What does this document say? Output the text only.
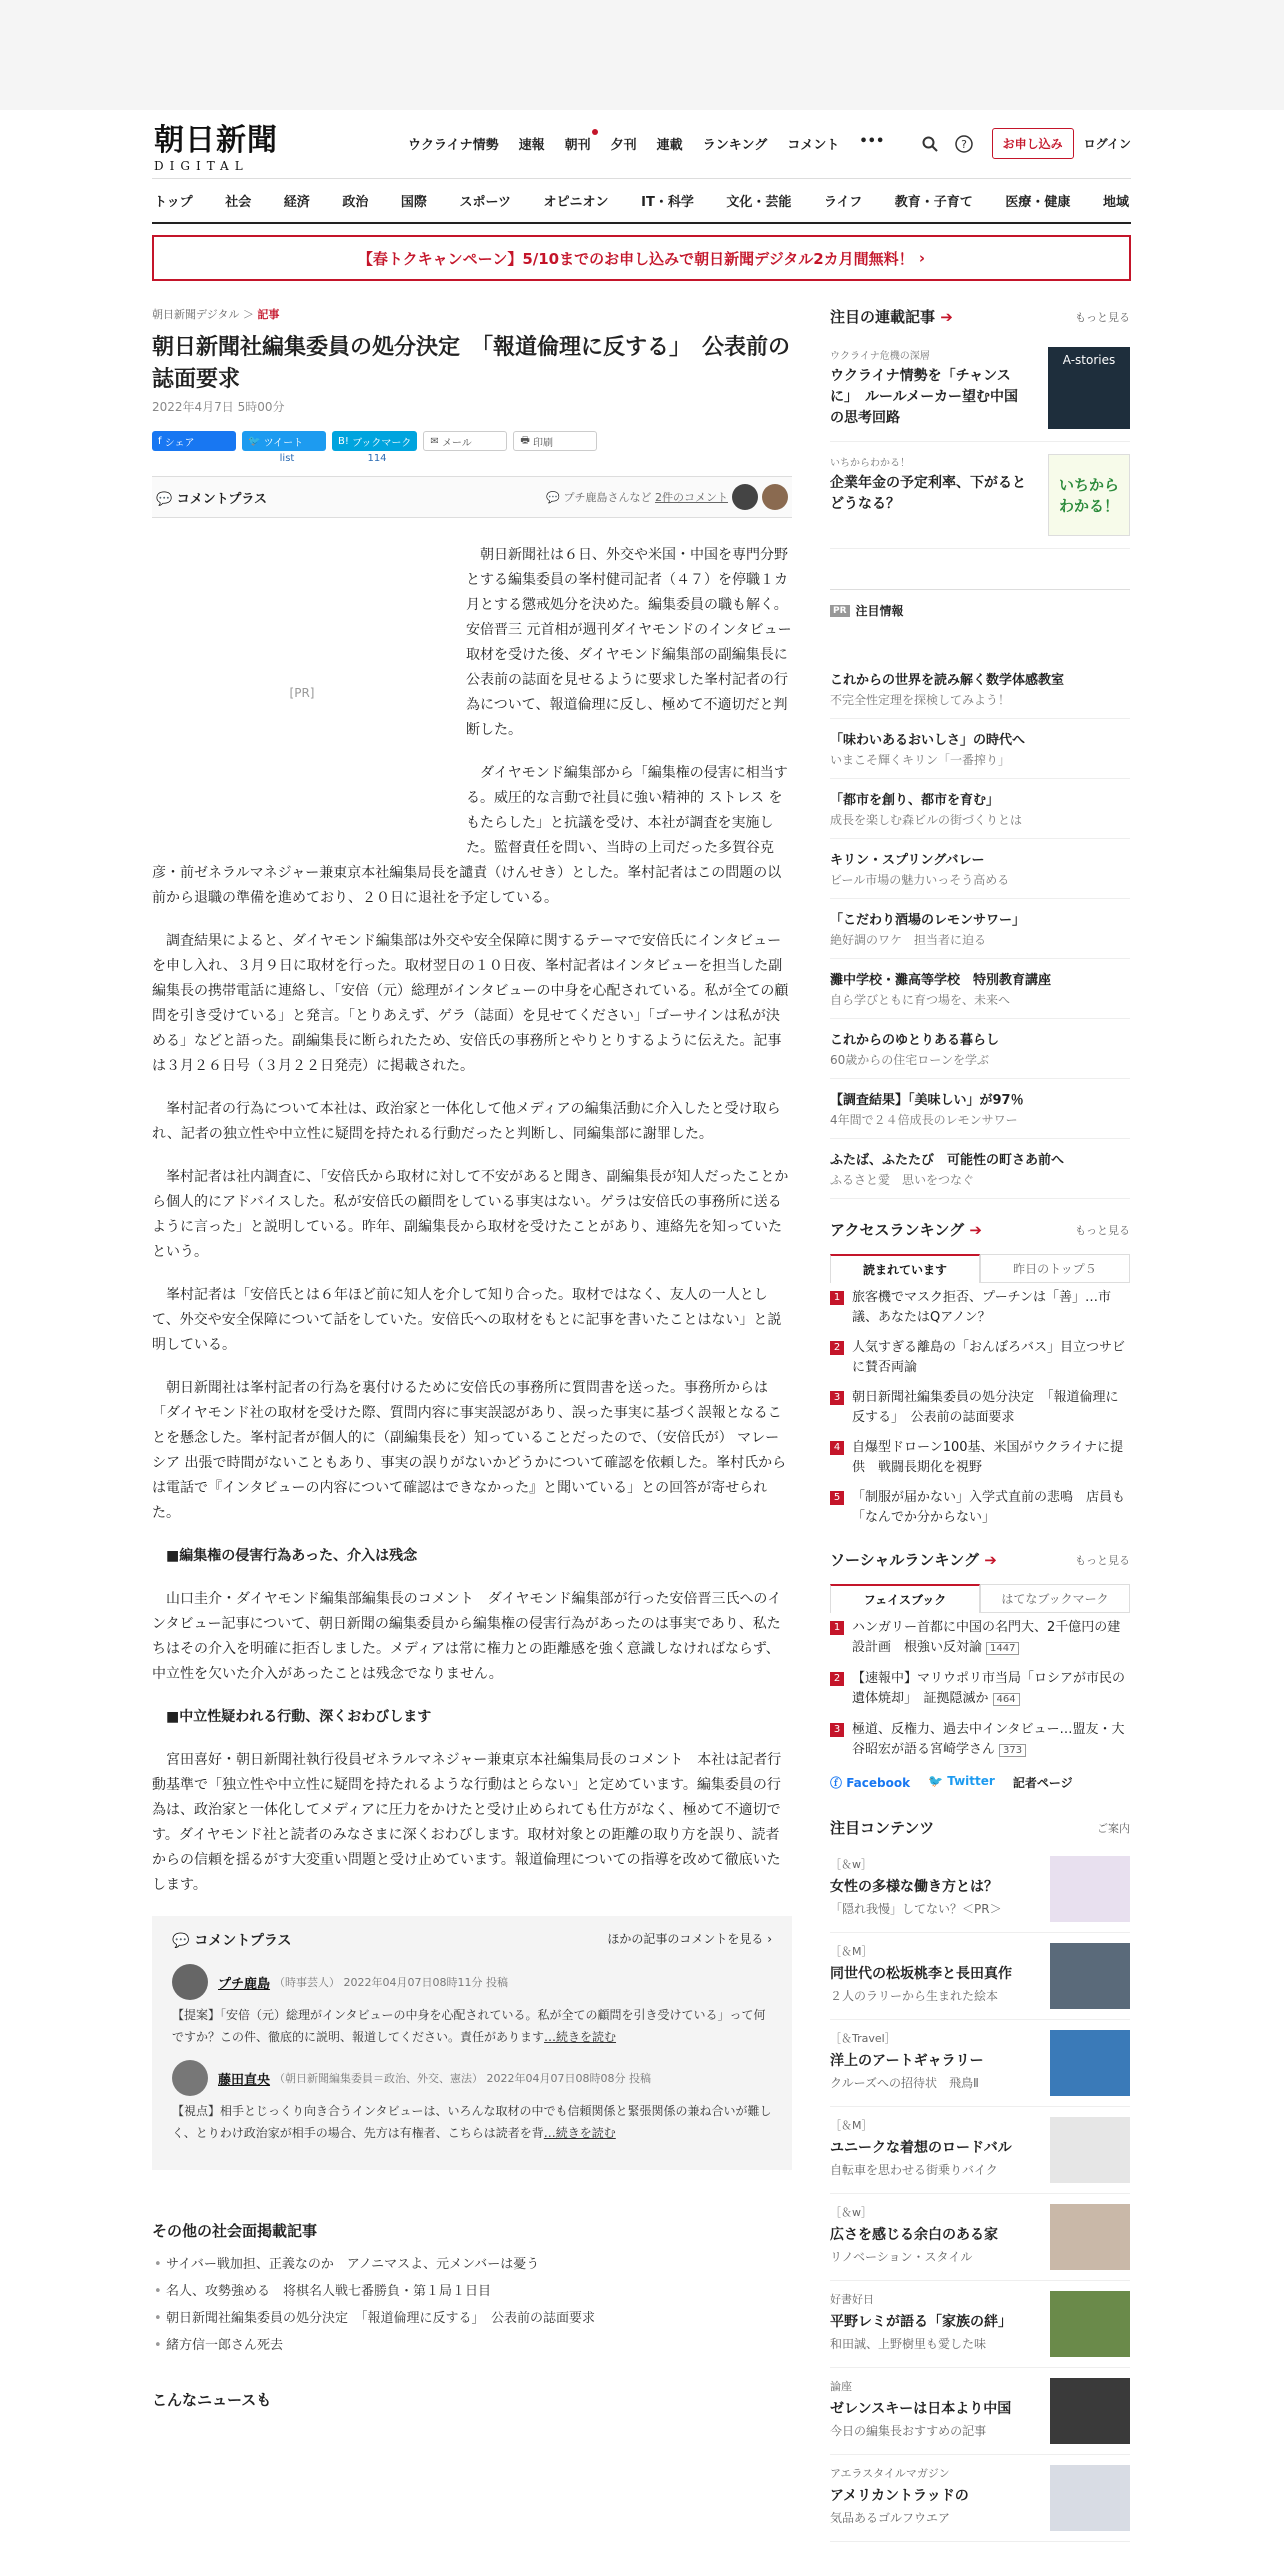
朝日新聞
DIGITAL
ウクライナ情勢 速報 朝刊 夕刊 連載 ランキング コメント •••	?	お申し込み	ログイン
トップ	社会	経済	政治	国際	スポーツ	オピニオン	IT・科学	文化・芸能	ライフ	教育・子育て	医療・健康	地域
【春トクキャンペーン】5/10までのお申し込みで朝日新聞デジタル2カ月間無料！
›
朝日新聞デジタル ＞ 記事
朝日新聞社編集委員の処分決定　「報道倫理に反する」　公表前の誌面要求
2022年4月7日 5時00分
f シェア	🐦 ツイート	B! ブックマーク	✉ メール	🖶 印刷
list	114
💬 コメントプラス	💬 プチ鹿島さんなど
2件のコメント
[PR]

朝日新聞社は６日、外交や米国・中国を専門分野とする編集委員の峯村健司記者（４７）を停職１カ月とする懲戒処分を決めた。編集委員の職も解く。 安倍晋三 元首相が週刊ダイヤモンドのインタビュー取材を受けた後、ダイヤモンド編集部の副編集長に公表前の誌面を見せるように要求した峯村記者の行為について、報道倫理に反し、極めて不適切だと判断した。

ダイヤモンド編集部から「編集権の侵害に相当する。威圧的な言動で社員に強い精神的 ストレス をもたらした」と抗議を受け、本社が調査を実施した。監督責任を問い、当時の上司だった多賀谷克彦・前ゼネラルマネジャー兼東京本社編集局長を譴責（けんせき）とした。峯村記者はこの問題の以前から退職の準備を進めており、２０日に退社を予定している。

調査結果によると、ダイヤモンド編集部は外交や安全保障に関するテーマで安倍氏にインタビューを申し入れ、３月９日に取材を行った。取材翌日の１０日夜、峯村記者はインタビューを担当した副編集長の携帯電話に連絡し、「安倍（元）総理がインタビューの中身を心配されている。私が全ての顧問を引き受けている」と発言。「とりあえず、ゲラ（誌面）を見せてください」「ゴーサインは私が決める」などと語った。副編集長に断られたため、安倍氏の事務所とやりとりするように伝えた。記事は３月２６日号（３月２２日発売）に掲載された。

峯村記者の行為について本社は、政治家と一体化して他メディアの編集活動に介入したと受け取られ、記者の独立性や中立性に疑問を持たれる行動だったと判断し、同編集部に謝罪した。

峯村記者は社内調査に、「安倍氏から取材に対して不安があると聞き、副編集長が知人だったことから個人的にアドバイスした。私が安倍氏の顧問をしている事実はない。ゲラは安倍氏の事務所に送るように言った」と説明している。昨年、副編集長から取材を受けたことがあり、連絡先を知っていたという。

峯村記者は「安倍氏とは６年ほど前に知人を介して知り合った。取材ではなく、友人の一人として、外交や安全保障について話をしていた。安倍氏への取材をもとに記事を書いたことはない」と説明している。

朝日新聞社は峯村記者の行為を裏付けるために安倍氏の事務所に質問書を送った。事務所からは「ダイヤモンド社の取材を受けた際、質問内容に事実誤認があり、誤った事実に基づく誤報となることを懸念した。峯村記者が個人的に（副編集長を）知っていることだったので、（安倍氏が） マレーシア 出張で時間がないこともあり、事実の誤りがないかどうかについて確認を依頼した。峯村氏からは電話で『インタビューの内容について確認はできなかった』と聞いている」との回答が寄せられた。

■編集権の侵害行為あった、介入は残念

山口圭介・ダイヤモンド編集部編集長のコメント　ダイヤモンド編集部が行った安倍晋三氏へのインタビュー記事について、朝日新聞の編集委員から編集権の侵害行為があったのは事実であり、私たちはその介入を明確に拒否しました。メディアは常に権力との距離感を強く意識しなければならず、中立性を欠いた介入があったことは残念でなりません。

■中立性疑われる行動、深くおわびします

宮田喜好・朝日新聞社執行役員ゼネラルマネジャー兼東京本社編集局長のコメント　本社は記者行動基準で「独立性や中立性に疑問を持たれるような行動はとらない」と定めています。編集委員の行為は、政治家と一体化してメディアに圧力をかけたと受け止められても仕方がなく、極めて不適切です。ダイヤモンド社と読者のみなさまに深くおわびします。取材対象との距離の取り方を誤り、読者からの信頼を揺るがす大変重い問題と受け止めています。報道倫理についての指導を改めて徹底いたします。

💬 コメントプラス	ほかの記事のコメントを見る ›
プチ鹿島 （時事芸人）
2022年04月07日08時11分 投稿
【提案】「安倍（元）総理がインタビューの中身を心配されている。私が全ての顧問を引き受けている」って何ですか？この件、徹底的に説明、報道してください。責任があります…続きを読む
藤田直央 （朝日新聞編集委員＝政治、外交、憲法）
2022年04月07日08時08分 投稿
【視点】相手とじっくり向き合うインタビューは、いろんな取材の中でも信頼関係と緊張関係の兼ね合いが難しく、とりわけ政治家が相手の場合、先方は有権者、こちらは読者を背…続きを読む
その他の社会面掲載記事
• サイバー戦加担、正義なのか　アノニマスよ、元メンバーは憂う
• 名人、攻勢強める　将棋名人戦七番勝負・第１局１日目
• 朝日新聞社編集委員の処分決定　「報道倫理に反する」　公表前の誌面要求
• 緒方信一郎さん死去
こんなニュースも
注目の連載記事 ➔	もっと見る
ウクライナ危機の深層
ウクライナ情勢を「チャンスに」　ルールメーカー望む中国の思考回路
A-stories
いちからわかる！
企業年金の予定利率、下がるとどうなる？
いちから わかる！
PR 注目情報
これからの世界を読み解く数学体感教室
不完全性定理を探検してみよう！
「味わいあるおいしさ」の時代へ
いまこそ輝くキリン「一番搾り」
「都市を創り、都市を育む」
成長を楽しむ森ビルの街づくりとは
キリン・スプリングバレー
ビール市場の魅力いっそう高める
「こだわり酒場のレモンサワー」
絶好調のワケ　担当者に迫る
灘中学校・灘高等学校　特別教育講座
自ら学びともに育つ場を、未来へ
これからのゆとりある暮らし
60歳からの住宅ローンを学ぶ
【調査結果】「美味しい」が97％
4年間で２４倍成長のレモンサワー
ふたば、ふたたび　可能性の町さあ前へ
ふるさと愛　思いをつなぐ
アクセスランキング ➔	もっと見る
読まれています	昨日のトップ５
1 旅客機でマスク拒否、プーチンは「善」…市議、あなたはQアノン？
2 人気すぎる離島の「おんぼろバス」目立つサビに賛否両論
3 朝日新聞社編集委員の処分決定　「報道倫理に反する」　公表前の誌面要求
4 自爆型ドローン100基、米国がウクライナに提供　戦闘長期化を視野
5 「制服が届かない」入学式直前の悲鳴　店員も「なんでか分からない」
ソーシャルランキング ➔	もっと見る
フェイスブック	はてなブックマーク
1 ハンガリー首都に中国の名門大、2千億円の建設計画　根強い反対論 1447
2 【速報中】マリウポリ市当局「ロシアが市民の遺体焼却」　証拠隠滅か 464
3 極道、反権力、過去中インタビュー…盟友・大谷昭宏が語る宮崎学さん 373
ⓕ Facebook 🐦 Twitter 記者ページ
注目コンテンツ	ご案内
［＆w］
女性の多様な働き方とは？
「隠れ我慢」してない？＜PR＞
［＆M］
同世代の松坂桃李と長田真作
２人のラリーから生まれた絵本
［＆Travel］
洋上のアートギャラリー
クルーズへの招待状　飛鳥Ⅱ
［＆M］
ユニークな着想のロードバル
自転車を思わせる街乗りバイク
［＆w］
広さを感じる余白のある家
リノベーション・スタイル
好書好日
平野レミが語る「家族の絆」
和田誠、上野樹里も愛した味
論座
ゼレンスキーは日本より中国
今日の編集長おすすめの記事
アエラスタイルマガジン
アメリカントラッドの
気品あるゴルフウエア
